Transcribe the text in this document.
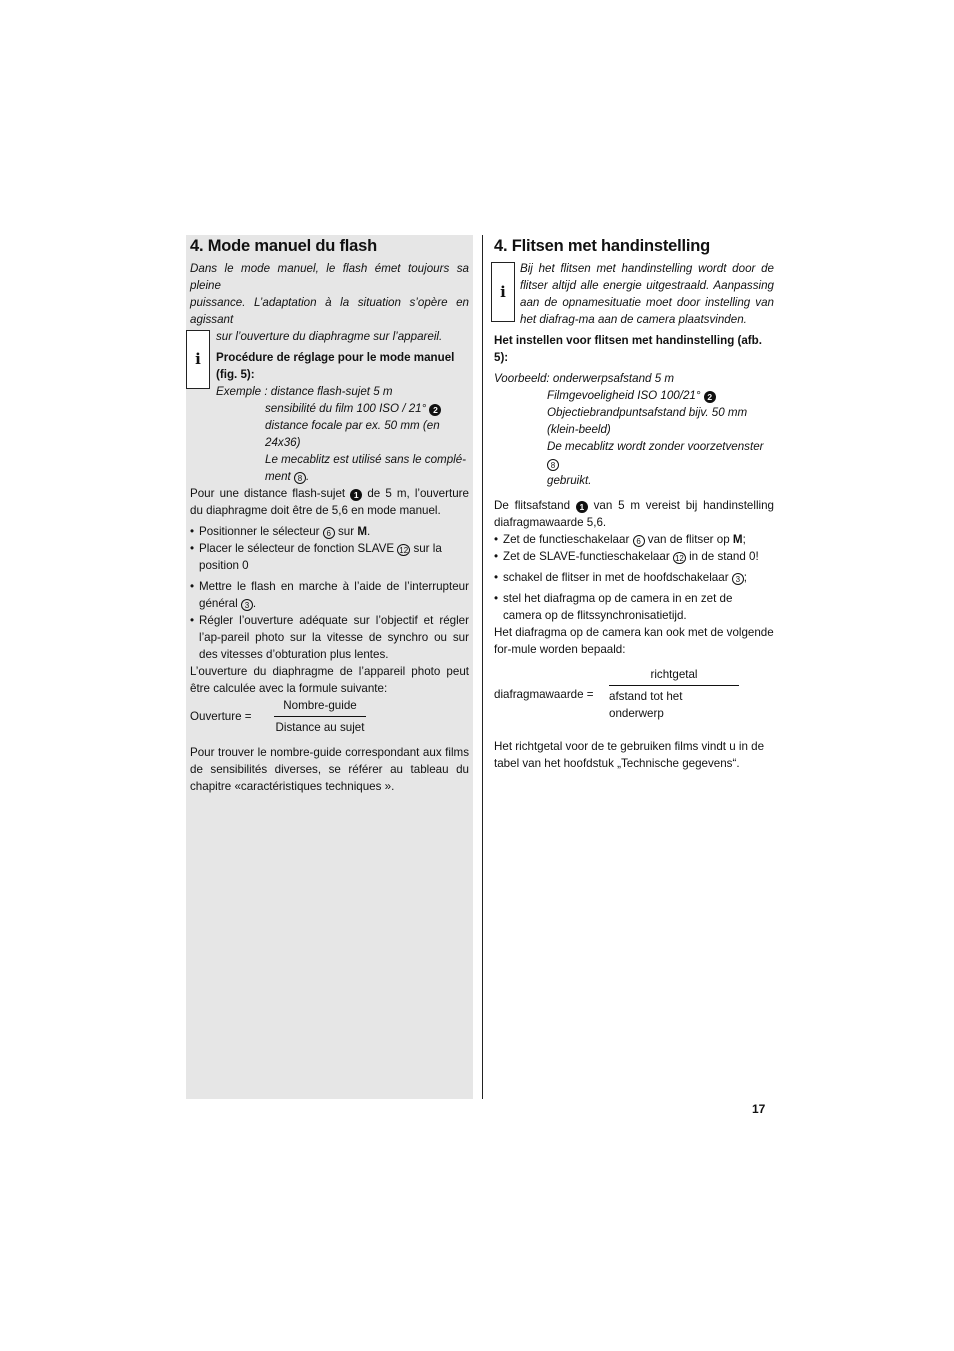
4. Mode manuel du flash

Dans le mode manuel, le flash émet toujours sa pleine

puissance. L’adaptation à la situation s’opère en agissant

i

sur l’ouverture du diaphragme sur l’appareil.

Procédure de réglage pour le mode manuel (fig. 5):

Exemple : distance flash-sujet 5 m

sensibilité du film 100 ISO / 21° 2

distance focale par ex. 50 mm (en 24x36)

Le mecablitz est utilisé sans le complé-

ment 8 .

Pour une distance flash-sujet 1 de 5 m, l’ouverture du diaphragme doit être de 5,6 en mode manuel.

• Positionner le sélecteur 6 sur M.
• Placer le sélecteur de fonction SLAVE 12 sur la position 0
• Mettre le flash en marche à l’aide de l’interrupteur général 3 .
• Régler l’ouverture adéquate sur l’objectif et régler l’ap-pareil photo sur la vitesse de synchro ou sur des vitesses d’obturation plus lentes.

L’ouverture du diaphragme de l’appareil photo peut être calculée avec la formule suivante:

Ouverture =	$\frac{\text{Nombre-guide}}{\text{Distance au sujet}}$

Pour trouver le nombre-guide correspondant aux films de sensibilités diverses, se référer au tableau du chapitre «caractéristiques techniques ».

4. Flitsen met handinstelling
i

Bij het flitsen met handinstelling wordt door de flitser altijd alle energie uitgestraald. Aanpassing aan de opnamesituatie moet door instelling van het diafrag-ma aan de camera plaatsvinden.

Het instellen voor flitsen met handinstelling (afb. 5):

Voorbeeld: onderwerpsafstand 5 m

Filmgevoeligheid ISO 100/21° 2

Objectiebrandpuntsafstand bijv. 50 mm (klein-beeld)

De mecablitz wordt zonder voorzetvenster 8

gebruikt.

De flitsafstand 1 van 5 m vereist bij handinstelling diafragmawaarde 5,6.

• Zet de functieschakelaar 6 van de flitser op M;
• Zet de SLAVE-functieschakelaar 12 in de stand 0!
• schakel de flitser in met de hoofdschakelaar 3 ;
• stel het diafragma op de camera in en zet de camera op de flitssynchronisatietijd.

Het diafragma op de camera kan ook met de volgende for-mule worden bepaald:

diafragmawaarde =	$\frac{\text{richtgetal}}{\text{afstand tot het onderwerp}}$

Het richtgetal voor de te gebruiken films vindt u in de tabel van het hoofdstuk „Technische gegevens“.

17
